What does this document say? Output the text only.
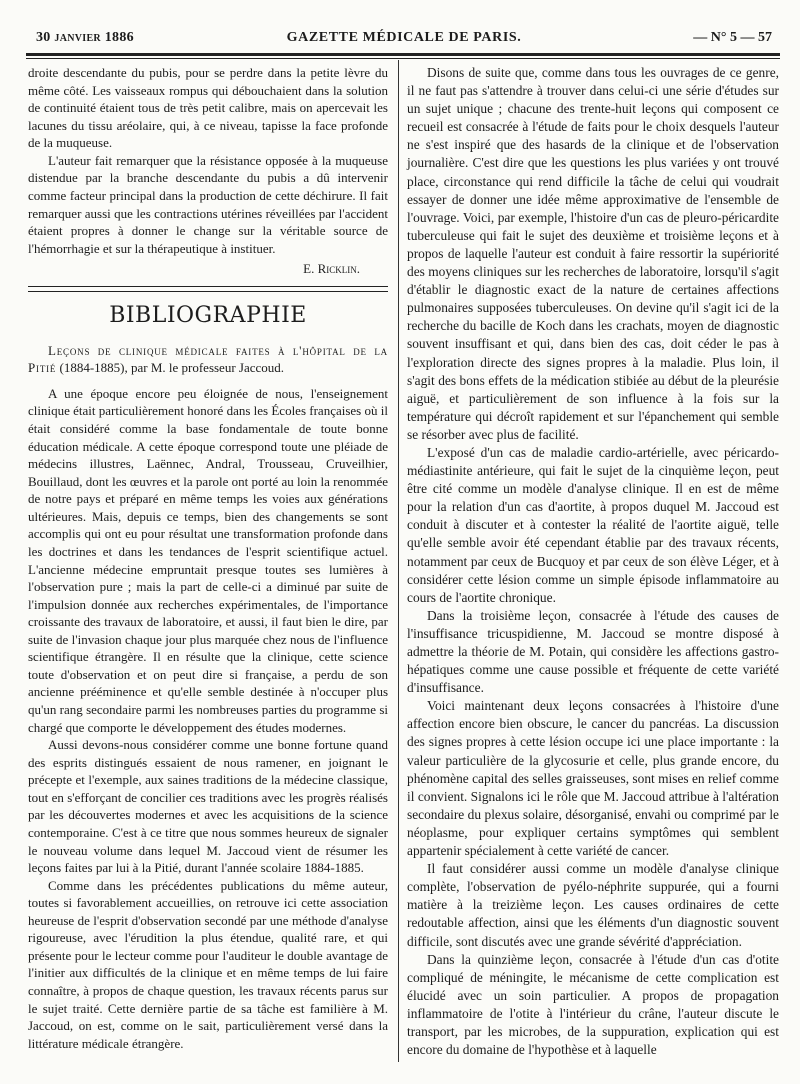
30 janvier 1886	GAZETTE MÉDICALE DE PARIS.	— N° 5 — 57

droite descendante du pubis, pour se perdre dans la petite lèvre du même côté. Les vaisseaux rompus qui débouchaient dans la solution de continuité étaient tous de très petit calibre, mais on apercevait les lacunes du tissu aréolaire, qui, à ce niveau, tapisse la face profonde de la muqueuse.

L'auteur fait remarquer que la résistance opposée à la muqueuse distendue par la branche descendante du pubis a dû intervenir comme facteur principal dans la production de cette déchirure. Il fait remarquer aussi que les contractions utérines réveillées par l'accident étaient propres à donner le change sur la véritable source de l'hémorrhagie et sur la thérapeutique à instituer.

E. Ricklin.

BIBLIOGRAPHIE

Leçons de clinique médicale faites à l'hôpital de la Pitié (1884-1885), par M. le professeur Jaccoud.

A une époque encore peu éloignée de nous, l'enseignement clinique était particulièrement honoré dans les Écoles françaises où il était considéré comme la base fondamentale de toute bonne éducation médicale. A cette époque correspond toute une pléiade de médecins illustres, Laënnec, Andral, Trousseau, Cruveilhier, Bouillaud, dont les œuvres et la parole ont porté au loin la renommée de notre pays et préparé en même temps les voies aux générations ultérieures. Mais, depuis ce temps, bien des changements se sont accomplis qui ont eu pour résultat une transformation profonde dans les doctrines et dans les tendances de l'esprit scientifique actuel. L'ancienne médecine empruntait presque toutes ses lumières à l'observation pure ; mais la part de celle-ci a diminué par suite de l'impulsion donnée aux recherches expérimentales, de l'importance croissante des travaux de laboratoire, et aussi, il faut bien le dire, par suite de l'invasion chaque jour plus marquée chez nous de l'influence scientifique étrangère. Il en résulte que la clinique, cette science toute d'observation et on peut dire si française, a perdu de son ancienne prééminence et qu'elle semble destinée à n'occuper plus qu'un rang secondaire parmi les nombreuses parties du programme si chargé que comporte le développement des études modernes.

Aussi devons-nous considérer comme une bonne fortune quand des esprits distingués essaient de nous ramener, en joignant le précepte et l'exemple, aux saines traditions de la médecine classique, tout en s'efforçant de concilier ces traditions avec les progrès réalisés par les découvertes modernes et avec les acquisitions de la science contemporaine. C'est à ce titre que nous sommes heureux de signaler le nouveau volume dans lequel M. Jaccoud vient de résumer les leçons faites par lui à la Pitié, durant l'année scolaire 1884-1885.

Comme dans les précédentes publications du même auteur, toutes si favorablement accueillies, on retrouve ici cette association heureuse de l'esprit d'observation secondé par une méthode d'analyse rigoureuse, avec l'érudition la plus étendue, qualité rare, et qui présente pour le lecteur comme pour l'auditeur le double avantage de l'initier aux difficultés de la clinique et en même temps de lui faire connaître, à propos de chaque question, les travaux récents parus sur le sujet traité. Cette dernière partie de sa tâche est familière à M. Jaccoud, on est, comme on le sait, particulièrement versé dans la littérature médicale étrangère.

Disons de suite que, comme dans tous les ouvrages de ce genre, il ne faut pas s'attendre à trouver dans celui-ci une série d'études sur un sujet unique ; chacune des trente-huit leçons qui composent ce recueil est consacrée à l'étude de faits pour le choix desquels l'auteur ne s'est inspiré que des hasards de la clinique et de l'observation journalière. C'est dire que les questions les plus variées y ont trouvé place, circonstance qui rend difficile la tâche de celui qui voudrait essayer de donner une idée même approximative de l'ensemble de l'ouvrage. Voici, par exemple, l'histoire d'un cas de pleuro-péricardite tuberculeuse qui fait le sujet des deuxième et troisième leçons et à propos de laquelle l'auteur est conduit à faire ressortir la supériorité des moyens cliniques sur les recherches de laboratoire, lorsqu'il s'agit d'établir le diagnostic exact de la nature de certaines affections pulmonaires supposées tuberculeuses. On devine qu'il s'agit ici de la recherche du bacille de Koch dans les crachats, moyen de diagnostic souvent insuffisant et qui, dans bien des cas, doit céder le pas à l'exploration directe des signes propres à la maladie. Plus loin, il s'agit des bons effets de la médication stibiée au début de la pleurésie aiguë, et particulièrement de son influence à la fois sur la température qui décroît rapidement et sur l'épanchement qui semble se résorber avec plus de facilité.

L'exposé d'un cas de maladie cardio-artérielle, avec péricardo-médiastinite antérieure, qui fait le sujet de la cinquième leçon, peut être cité comme un modèle d'analyse clinique. Il en est de même pour la relation d'un cas d'aortite, à propos duquel M. Jaccoud est conduit à discuter et à contester la réalité de l'aortite aiguë, telle qu'elle semble avoir été cependant établie par des travaux récents, notamment par ceux de Bucquoy et par ceux de son élève Léger, et à considérer cette lésion comme un simple épisode inflammatoire au cours de l'aortite chronique.

Dans la troisième leçon, consacrée à l'étude des causes de l'insuffisance tricuspidienne, M. Jaccoud se montre disposé à admettre la théorie de M. Potain, qui considère les affections gastro-hépatiques comme une cause possible et fréquente de cette variété d'insuffisance.

Voici maintenant deux leçons consacrées à l'histoire d'une affection encore bien obscure, le cancer du pancréas. La discussion des signes propres à cette lésion occupe ici une place importante : la valeur particulière de la glycosurie et celle, plus grande encore, du phénomène capital des selles graisseuses, sont mises en relief comme il convient. Signalons ici le rôle que M. Jaccoud attribue à l'altération secondaire du plexus solaire, désorganisé, envahi ou comprimé par le néoplasme, pour expliquer certains symptômes qui semblent appartenir spécialement à cette variété de cancer.

Il faut considérer aussi comme un modèle d'analyse clinique complète, l'observation de pyélo-néphrite suppurée, qui a fourni matière à la treizième leçon. Les causes ordinaires de cette redoutable affection, ainsi que les éléments d'un diagnostic souvent difficile, sont discutés avec une grande sévérité d'appréciation.

Dans la quinzième leçon, consacrée à l'étude d'un cas d'otite compliqué de méningite, le mécanisme de cette complication est élucidé avec un soin particulier. A propos de propagation inflammatoire de l'otite à l'intérieur du crâne, l'auteur discute le transport, par les microbes, de la suppuration, explication qui est encore du domaine de l'hypothèse et à laquelle
